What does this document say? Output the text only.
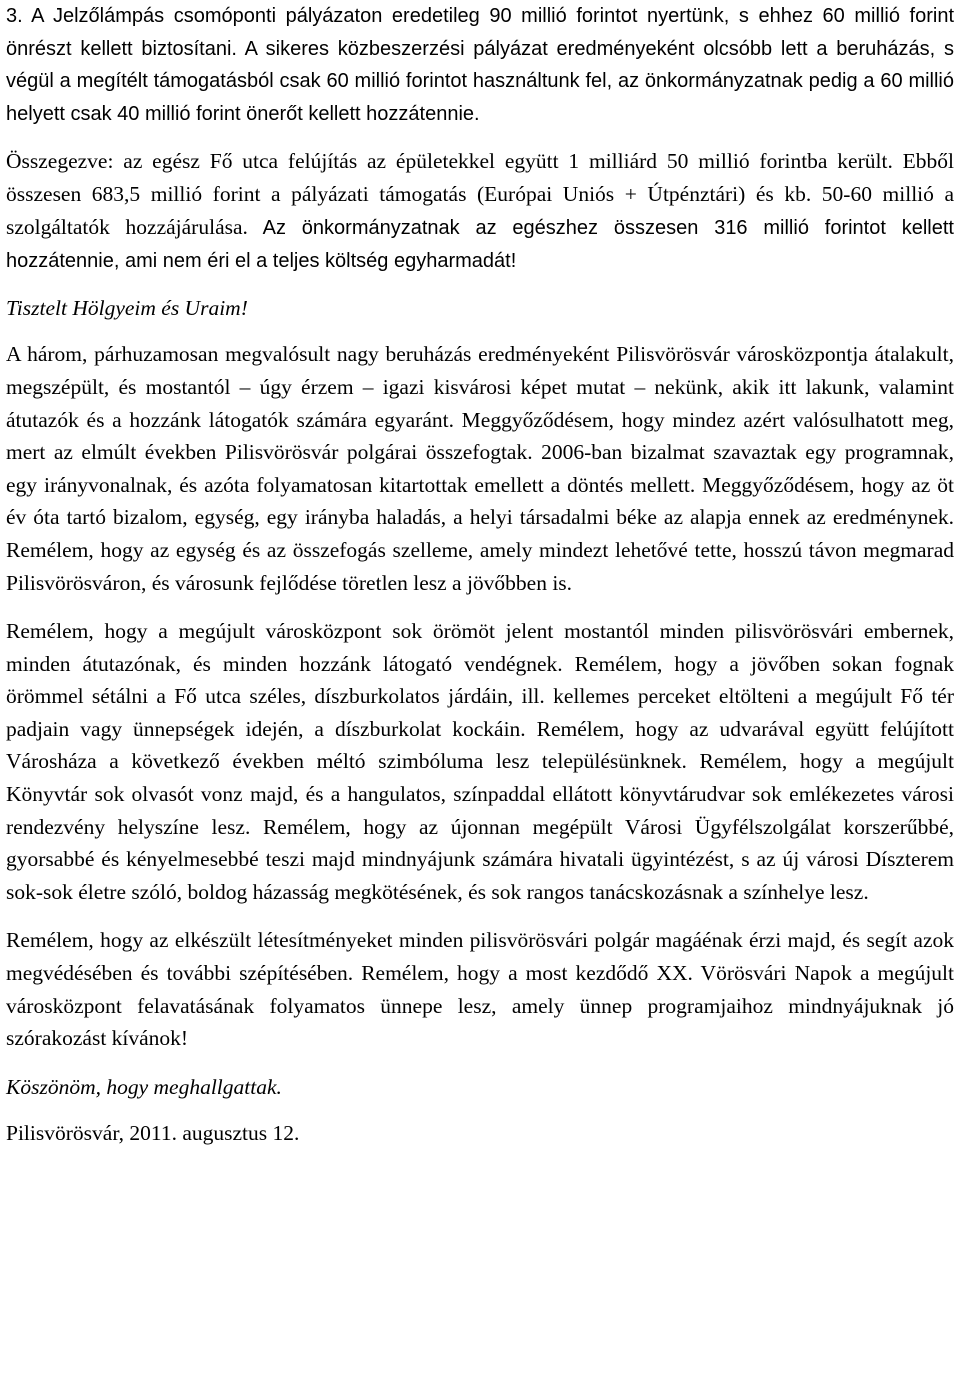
3. A Jelzőlámpás csomóponti pályázaton eredetileg 90 millió forintot nyertünk, s ehhez 60 millió forint önrészt kellett biztosítani. A sikeres közbeszerzési pályázat eredményeként olcsóbb lett a beruházás, s végül a megítélt támogatásból csak 60 millió forintot használtunk fel, az önkormányzatnak pedig a 60 millió helyett csak 40 millió forint önerőt kellett hozzátennie.

Összegezve: az egész Fő utca felújítás az épületekkel együtt 1 milliárd 50 millió forintba került. Ebből összesen 683,5 millió forint a pályázati támogatás (Európai Uniós + Útpénztári) és kb. 50-60 millió a szolgáltatók hozzájárulása. Az önkormányzatnak az egészhez összesen 316 millió forintot kellett hozzátennie, ami nem éri el a teljes költség egyharmadát!

Tisztelt Hölgyeim és Uraim!

A három, párhuzamosan megvalósult nagy beruházás eredményeként Pilisvörösvár városközpontja átalakult, megszépült, és mostantól – úgy érzem – igazi kisvárosi képet mutat – nekünk, akik itt lakunk, valamint átutazók és a hozzánk látogatók számára egyaránt. Meggyőződésem, hogy mindez azért valósulhatott meg, mert az elmúlt években Pilisvörösvár polgárai összefogtak. 2006-ban bizalmat szavaztak egy programnak, egy irányvonalnak, és azóta folyamatosan kitartottak emellett a döntés mellett. Meggyőződésem, hogy az öt év óta tartó bizalom, egység, egy irányba haladás, a helyi társadalmi béke az alapja ennek az eredménynek. Remélem, hogy az egység és az összefogás szelleme, amely mindezt lehetővé tette, hosszú távon megmarad Pilisvörösváron, és városunk fejlődése töretlen lesz a jövőbben is.

Remélem, hogy a megújult városközpont sok örömöt jelent mostantól minden pilisvörösvári embernek, minden átutazónak, és minden hozzánk látogató vendégnek. Remélem, hogy a jövőben sokan fognak örömmel sétálni a Fő utca széles, díszburkolatos járdáin, ill. kellemes perceket eltölteni a megújult Fő tér padjain vagy ünnepségek idején, a díszburkolat kockáin. Remélem, hogy az udvarával együtt felújított Városháza a következő években méltó szimbóluma lesz településünknek. Remélem, hogy a megújult Könyvtár sok olvasót vonz majd, és a hangulatos, színpaddal ellátott könyvtárudvar sok emlékezetes városi rendezvény helyszíne lesz. Remélem, hogy az újonnan megépült Városi Ügyfélszolgálat korszerűbbé, gyorsabbé és kényelmesebbé teszi majd mindnyájunk számára hivatali ügyintézést, s az új városi Díszterem sok-sok életre szóló, boldog házasság megkötésének, és sok rangos tanácskozásnak a színhelye lesz.

Remélem, hogy az elkészült létesítményeket minden pilisvörösvári polgár magáénak érzi majd, és segít azok megvédésében és további szépítésében. Remélem, hogy a most kezdődő XX. Vörösvári Napok a megújult városközpont felavatásának folyamatos ünnepe lesz, amely ünnep programjaihoz mindnyájuknak jó szórakozást kívánok!

Köszönöm, hogy meghallgattak.

Pilisvörösvár, 2011. augusztus 12.
